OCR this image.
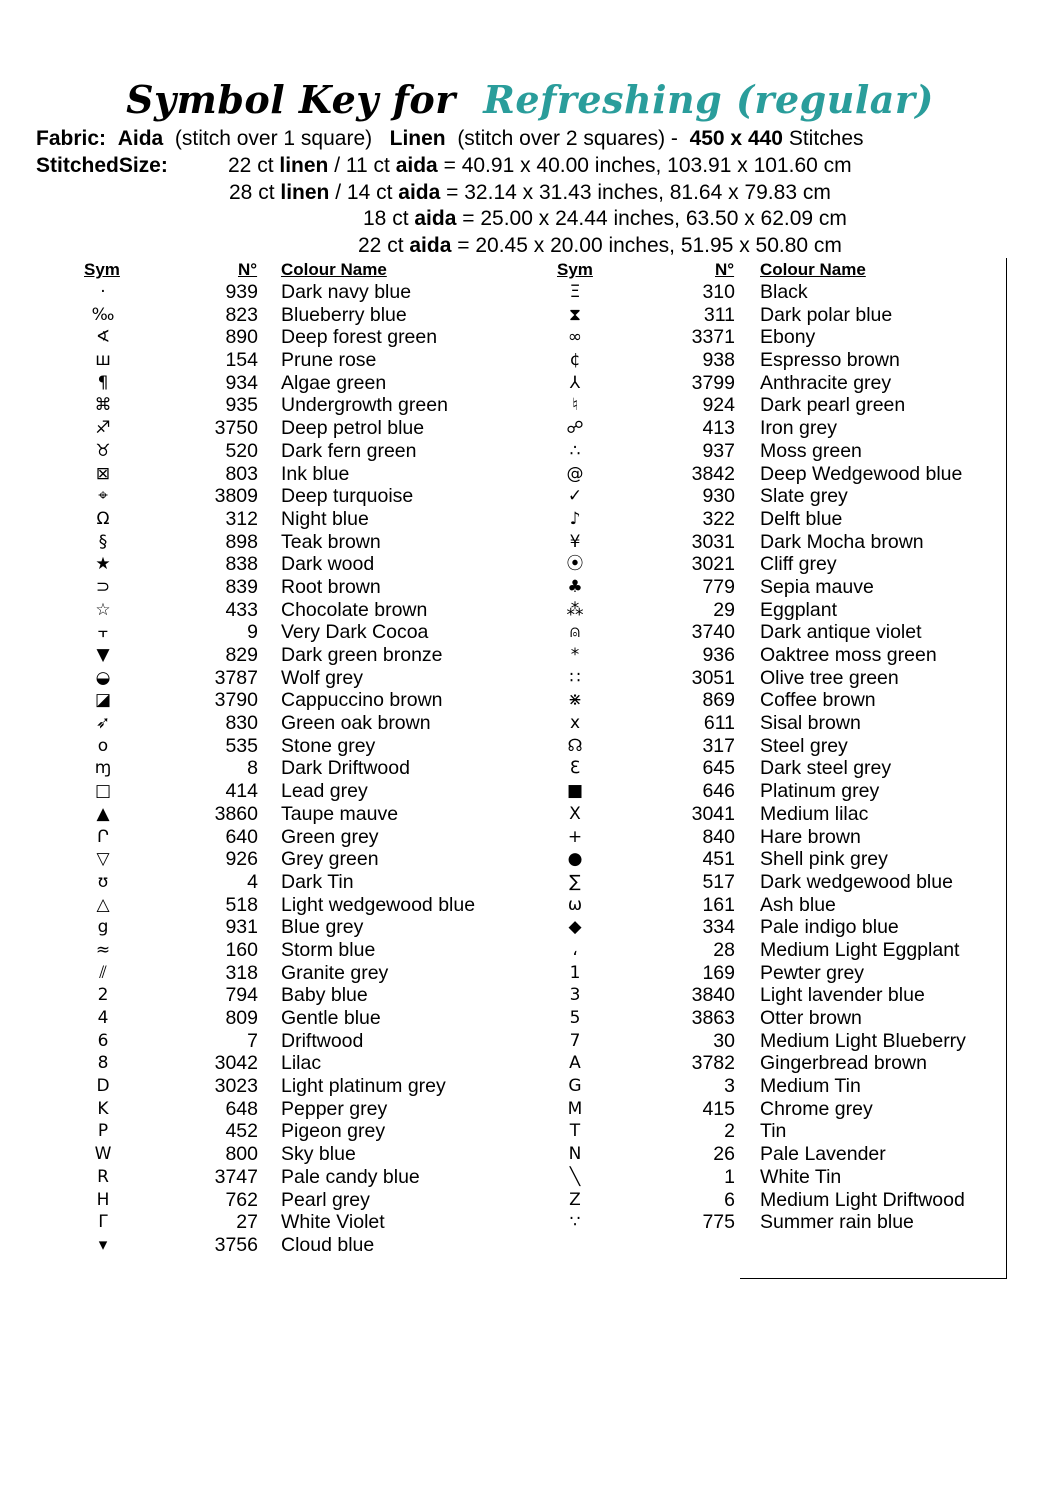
Symbol Key for Refreshing (regular)
Fabric: Aida (stitch over 1 square) Linen (stitch over 2 squares) - 450 x 440 Stitches
StitchedSize:	22 ct linen / 11 ct aida = 40.91 x 40.00 inches, 103.91 x 101.60 cm
28 ct linen / 14 ct aida = 32.14 x 31.43 inches, 81.64 x 79.83 cm
18 ct aida = 25.00 x 24.44 inches, 63.50 x 62.09 cm
22 ct aida = 20.45 x 20.00 inches, 51.95 x 50.80 cm
Sym	N° Colour Name	Sym	N° Colour Name
·	939 Dark navy blue
‰	823 Blueberry blue
∢	890 Deep forest green
ш	154 Prune rose
¶	934 Algae green
⌘	935 Undergrowth green
♐	3750 Deep petrol blue
♉	520 Dark fern green
⊠	803 Ink blue
⌖	3809 Deep turquoise
Ω	312 Night blue
§	898 Teak brown
★	838 Dark wood
⊃	839 Root brown
☆	433 Chocolate brown
⫟	9 Very Dark Cocoa
▼	829 Dark green bronze
◒	3787 Wolf grey
◪	3790 Cappuccino brown
➶	830 Green oak brown
o	535 Stone grey
ɱ	8 Dark Driftwood
□	414 Lead grey
▲	3860 Taupe mauve
Ր	640 Green grey
▽	926 Grey green
ʊ	4 Dark Tin
△	518 Light wedgewood blue
g	931 Blue grey
≈	160 Storm blue
⫽	318 Granite grey
2	794 Baby blue
4	809 Gentle blue
6	7 Driftwood
8	3042 Lilac
D	3023 Light platinum grey
K	648 Pepper grey
P	452 Pigeon grey
W	800 Sky blue
R	3747 Pale candy blue
H	762 Pearl grey
Γ	27 White Violet
▾	3756 Cloud blue
Ξ	310 Black
⧗	311 Dark polar blue
∞	3371 Ebony
¢	938 Espresso brown
⅄	3799 Anthracite grey
♮	924 Dark pearl green
☍	413 Iron grey
∴	937 Moss green
@	3842 Deep Wedgewood blue
✓	930 Slate grey
♪	322 Delft blue
¥	3031 Dark Mocha brown
⦿	3021 Cliff grey
♣	779 Sepia mauve
⁂	29 Eggplant
⍝	3740 Dark antique violet
*	936 Oaktree moss green
∷	3051 Olive tree green
⋇	869 Coffee brown
x	611 Sisal brown
☊	317 Steel grey
ℇ	645 Dark steel grey
■	646 Platinum grey
X	3041 Medium lilac
+	840 Hare brown
●	451 Shell pink grey
∑	517 Dark wedgewood blue
ω	161 Ash blue
◆	334 Pale indigo blue
،	28 Medium Light Eggplant
1	169 Pewter grey
3	3840 Light lavender blue
5	3863 Otter brown
7	30 Medium Light Blueberry
A	3782 Gingerbread brown
G	3 Medium Tin
M	415 Chrome grey
T	2 Tin
N	26 Pale Lavender
╲	1 White Tin
Z	6 Medium Light Driftwood
∵	775 Summer rain blue
